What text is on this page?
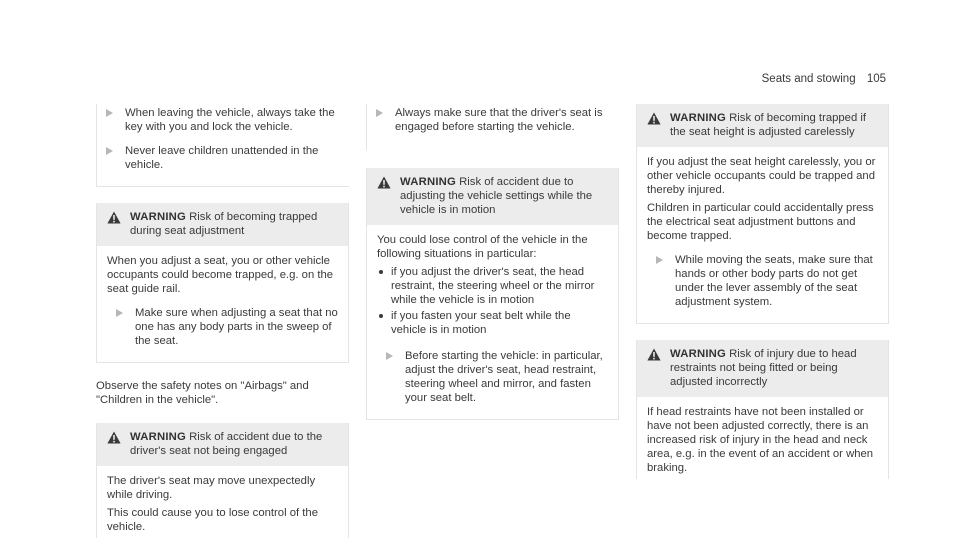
Seats and stowing 105
When leaving the vehicle, always take the key with you and lock the vehicle.
Never leave children unattended in the vehicle.
WARNING Risk of becoming trapped during seat adjustment

When you adjust a seat, you or other vehicle occupants could become trapped, e.g. on the seat guide rail.

Make sure when adjusting a seat that no one has any body parts in the sweep of the seat.

Observe the safety notes on "Airbags" and "Children in the vehicle".

WARNING Risk of accident due to the driver's seat not being engaged

The driver's seat may move unexpectedly while driving.

This could cause you to lose control of the vehicle.

Always make sure that the driver's seat is engaged before starting the vehicle.
WARNING Risk of accident due to adjusting the vehicle settings while the vehicle is in motion

You could lose control of the vehicle in the following situations in particular:

if you adjust the driver's seat, the head restraint, the steering wheel or the mirror while the vehicle is in motion
if you fasten your seat belt while the vehicle is in motion
Before starting the vehicle: in particular, adjust the driver's seat, head restraint, steering wheel and mirror, and fasten your seat belt.
WARNING Risk of becoming trapped if the seat height is adjusted carelessly

If you adjust the seat height carelessly, you or other vehicle occupants could be trapped and thereby injured.

Children in particular could accidentally press the electrical seat adjustment buttons and become trapped.

While moving the seats, make sure that hands or other body parts do not get under the lever assembly of the seat adjustment system.
WARNING Risk of injury due to head restraints not being fitted or being adjusted incorrectly

If head restraints have not been installed or have not been adjusted correctly, there is an increased risk of injury in the head and neck area, e.g. in the event of an accident or when braking.
